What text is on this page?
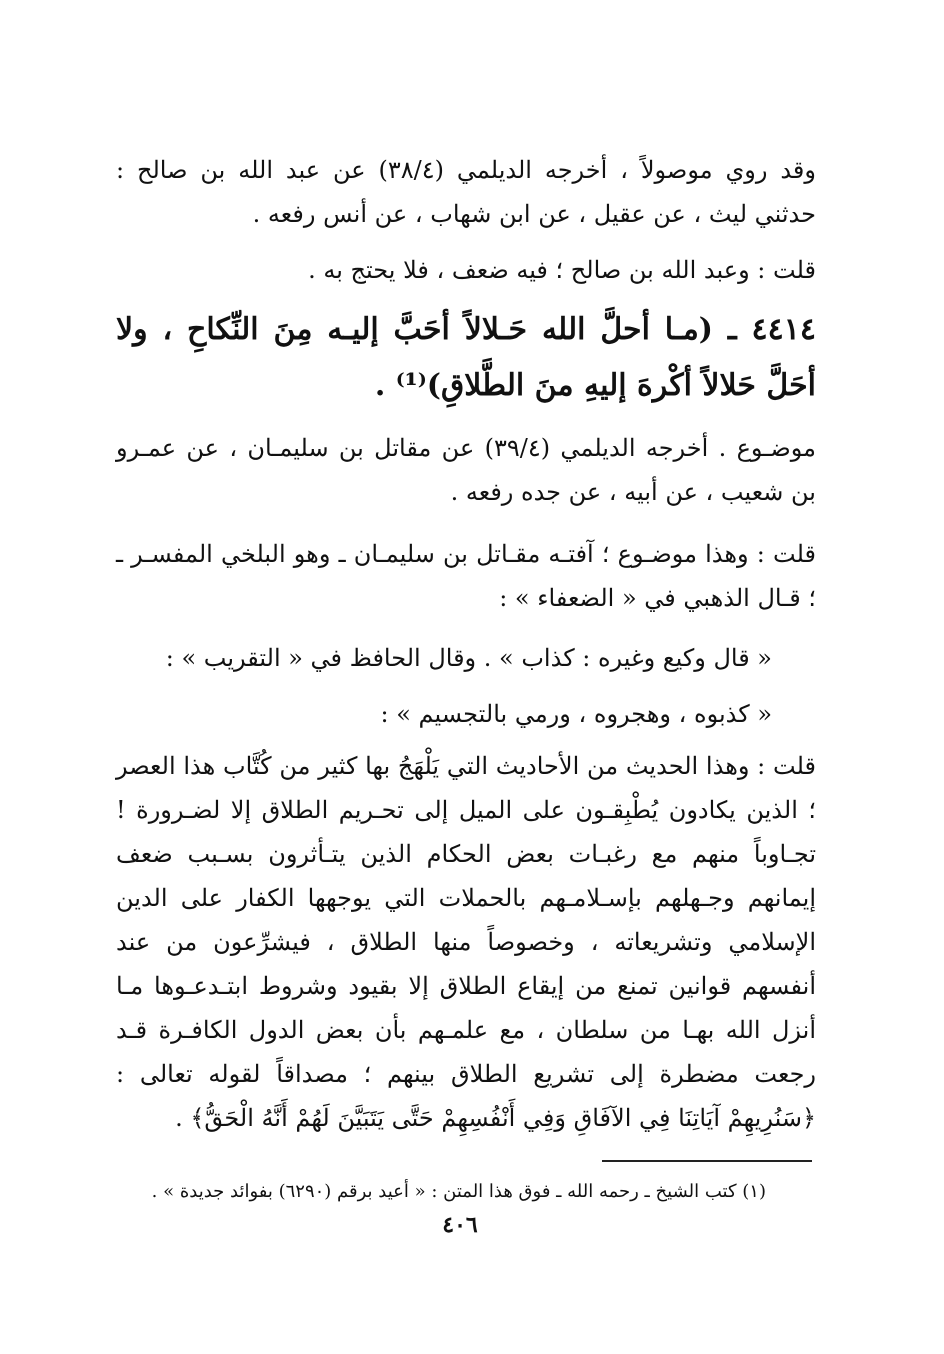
وقد روي موصولاً ، أخرجه الديلمي (٣٨/٤) عن عبد الله بن صالح : حدثني ليث ، عن عقيل ، عن ابن شهاب ، عن أنس رفعه .
قلت : وعبد الله بن صالح ؛ فيه ضعف ، فلا يحتج به .
٤٤١٤ ـ (مـا أحلَّ الله حَـلالاً أحَبَّ إليـه مِنَ النِّكاحِ ، ولا أحَلَّ حَلالاً أكْرهَ إليهِ منَ الطَّلاقِ)⁽¹⁾ .
موضـوع . أخرجه الديلمي (٣٩/٤) عن مقاتل بن سليمـان ، عن عمـرو بن شعيب ، عن أبيه ، عن جده رفعه .
قلت : وهذا موضـوع ؛ آفتـه مقـاتل بن سليمـان ـ وهو البلخي المفسـر ـ ؛ قـال الذهبي في « الضعفاء » :
« قال وكيع وغيره : كذاب » . وقال الحافظ في « التقريب » :
« كذبوه ، وهجروه ، ورمي بالتجسيم » :
قلت : وهذا الحديث من الأحاديث التي يَلْهَجُ بها كثير من كُتَّاب هذا العصر ؛ الذين يكادون يُطْبِقـون على الميل إلى تحـريم الطلاق إلا لضـرورة ! تجـاوباً منهم مع رغبـات بعض الحكام الذين يتـأثرون بسـبب ضعف إيمانهم وجـهلهم بإسـلامـهم بالحملات التي يوجهها الكفار على الدين الإسلامي وتشريعاته ، وخصوصاً منها الطلاق ، فيشرِّعون من عند أنفسهم قوانين تمنع من إيقاع الطلاق إلا بقيود وشروط ابتـدعـوها مـا أنزل الله بهـا من سلطان ، مع علمـهم بأن بعض الدول الكافـرة قـد رجعت مضطرة إلى تشريع الطلاق بينهم ؛ مصداقاً لقوله تعالى : ﴿سَنُرِيهِمْ آيَاتِنَا فِي الآفَاقِ وَفِي أَنْفُسِهِمْ حَتَّى يَتَبَيَّنَ لَهُمْ أَنَّهُ الْحَقُّ﴾ .
(١) كتب الشيخ ـ رحمه الله ـ فوق هذا المتن : « أعيد برقم (٦٢٩٠) بفوائد جديدة » .
٤٠٦
